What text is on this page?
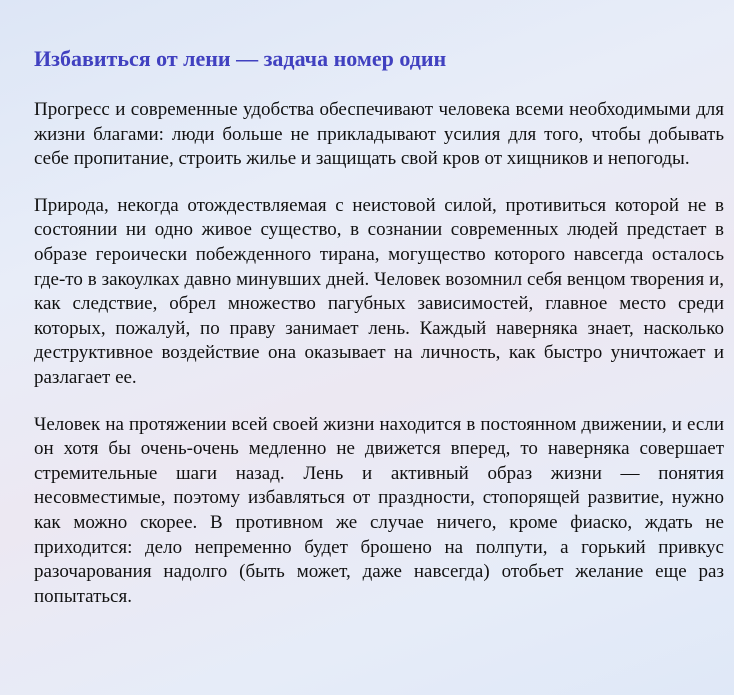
Избавиться от лени — задача номер один

Прогресс и современные удобства обеспечивают человека всеми необходимыми для жизни благами: люди больше не прикладывают усилия для того, чтобы добывать себе пропитание, строить жилье и защищать свой кров от хищников и непогоды.

Природа, некогда отождествляемая с неистовой силой, противиться которой не в состоянии ни одно живое существо, в сознании современных людей предстает в образе героически побежденного тирана, могущество которого навсегда осталось где-то в закоулках давно минувших дней. Человек возомнил себя венцом творения и, как следствие, обрел множество пагубных зависимостей, главное место среди которых, пожалуй, по праву занимает лень. Каждый наверняка знает, насколько деструктивное воздействие она оказывает на личность, как быстро уничтожает и разлагает ее.

Человек на протяжении всей своей жизни находится в постоянном движении, и если он хотя бы очень-очень медленно не движется вперед, то наверняка совершает стремительные шаги назад. Лень и активный образ жизни — понятия несовместимые, поэтому избавляться от праздности, стопорящей развитие, нужно как можно скорее. В противном же случае ничего, кроме фиаско, ждать не приходится: дело непременно будет брошено на полпути, а горький привкус разочарования надолго (быть может, даже навсегда) отобьет желание еще раз попытаться.
